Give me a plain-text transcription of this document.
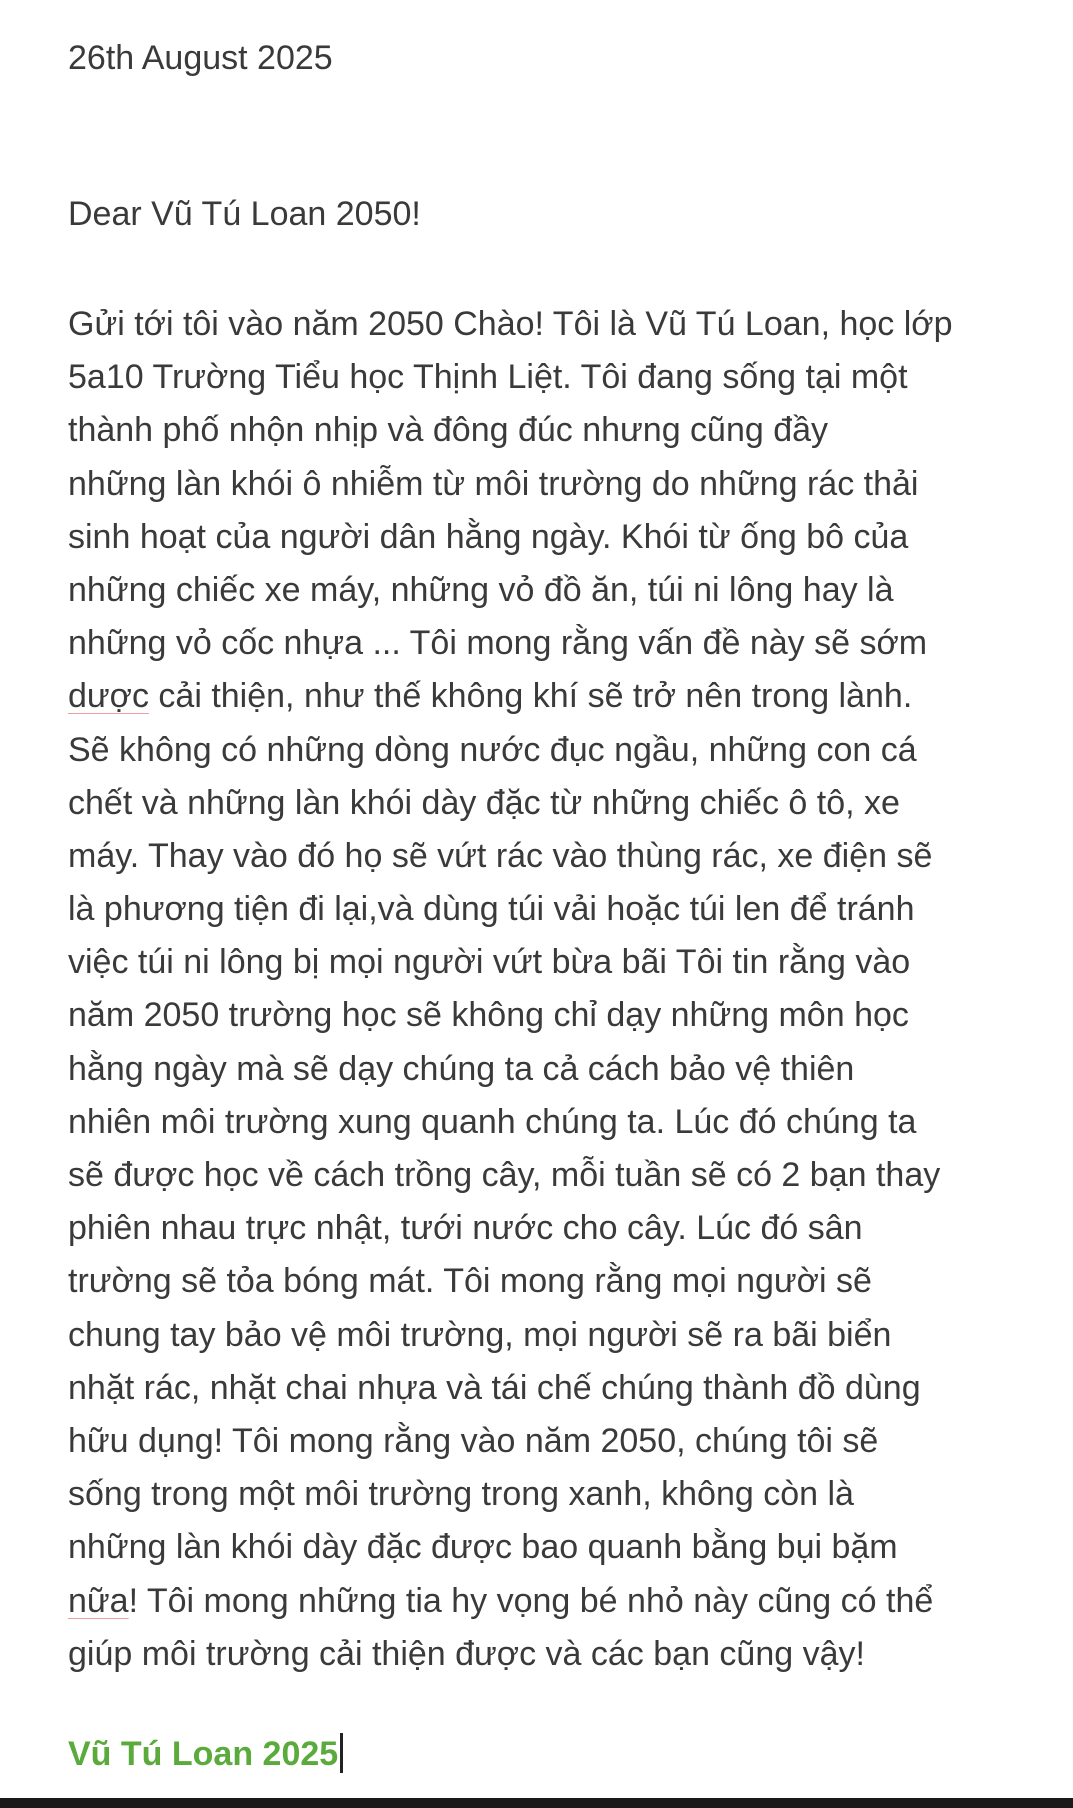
26th August 2025
Dear Vũ Tú Loan 2050!
Gửi tới tôi vào năm 2050 Chào! Tôi là Vũ Tú Loan, học lớp
5a10 Trường Tiểu học Thịnh Liệt. Tôi đang sống tại một
thành phố nhộn nhịp và đông đúc nhưng cũng đầy
những làn khói ô nhiễm từ môi trường do những rác thải
sinh hoạt của người dân hằng ngày. Khói từ ống bô của
những chiếc xe máy, những vỏ đồ ăn, túi ni lông hay là
những vỏ cốc nhựa ... Tôi mong rằng vấn đề này sẽ sớm
dược cải thiện, như thế không khí sẽ trở nên trong lành.
Sẽ không có những dòng nước đục ngầu, những con cá
chết và những làn khói dày đặc từ những chiếc ô tô, xe
máy. Thay vào đó họ sẽ vứt rác vào thùng rác, xe điện sẽ
là phương tiện đi lại,và dùng túi vải hoặc túi len để tránh
việc túi ni lông bị mọi người vứt bừa bãi Tôi tin rằng vào
năm 2050 trường học sẽ không chỉ dạy những môn học
hằng ngày mà sẽ dạy chúng ta cả cách bảo vệ thiên
nhiên môi trường xung quanh chúng ta. Lúc đó chúng ta
sẽ được học về cách trồng cây, mỗi tuần sẽ có 2 bạn thay
phiên nhau trực nhật, tưới nước cho cây. Lúc đó sân
trường sẽ tỏa bóng mát. Tôi mong rằng mọi người sẽ
chung tay bảo vệ môi trường, mọi người sẽ ra bãi biển
nhặt rác, nhặt chai nhựa và tái chế chúng thành đồ dùng
hữu dụng! Tôi mong rằng vào năm 2050, chúng tôi sẽ
sống trong một môi trường trong xanh, không còn là
những làn khói dày đặc được bao quanh bằng bụi bặm
nữa! Tôi mong những tia hy vọng bé nhỏ này cũng có thể
giúp môi trường cải thiện được và các bạn cũng vậy!
Vũ Tú Loan 2025
